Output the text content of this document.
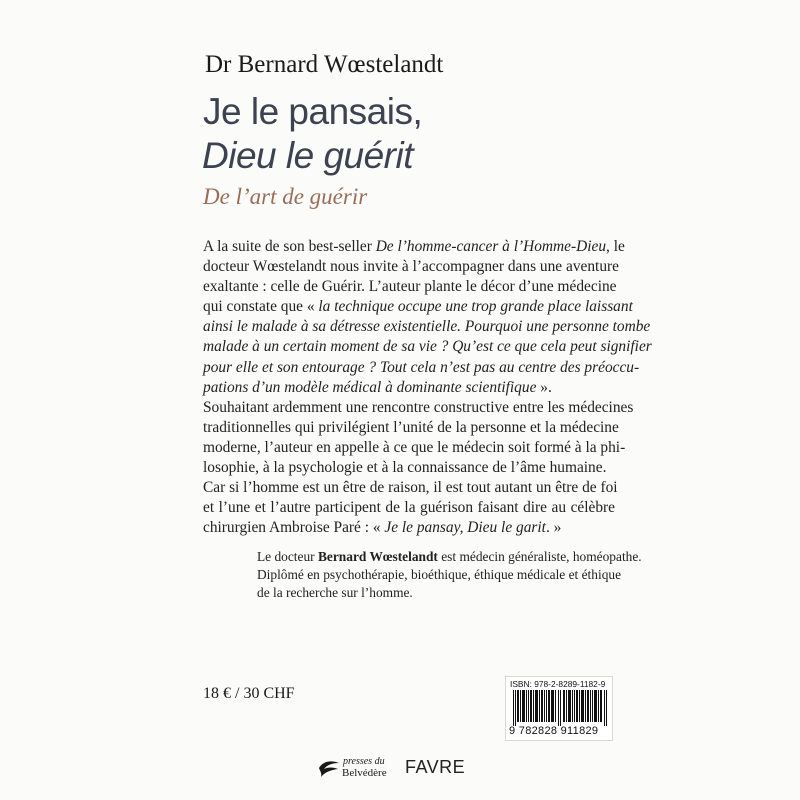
Dr Bernard Wœstelandt
Je le pansais,
Dieu le guérit
De l’art de guérir
A la suite de son best-seller De l’homme-cancer à l’Homme-Dieu, le
docteur Wœstelandt nous invite à l’accompagner dans une aventure
exaltante : celle de Guérir. L’auteur plante le décor d’une médecine
qui constate que « la technique occupe une trop grande place laissant
ainsi le malade à sa détresse existentielle. Pourquoi une personne tombe
malade à un certain moment de sa vie ? Qu’est ce que cela peut signifier
pour elle et son entourage ? Tout cela n’est pas au centre des préoccu-
pations d’un modèle médical à dominante scientifique ».
Souhaitant ardemment une rencontre constructive entre les médecines
traditionnelles qui privilégient l’unité de la personne et la médecine
moderne, l’auteur en appelle à ce que le médecin soit formé à la phi-
losophie, à la psychologie et à la connaissance de l’âme humaine.
Car si l’homme est un être de raison, il est tout autant un être de foi
et l’une et l’autre participent de la guérison faisant dire au célèbre
chirurgien Ambroise Paré : « Je le pansay, Dieu le garit. »
Le docteur Bernard Wœstelandt est médecin généraliste, homéopathe.
Diplômé en psychothérapie, bioéthique, éthique médicale et éthique
de la recherche sur l’homme.
18 € / 30 CHF
ISBN: 978-2-8289-1182-9
9 782828 911829
presses du
Belvédère FAVRE
